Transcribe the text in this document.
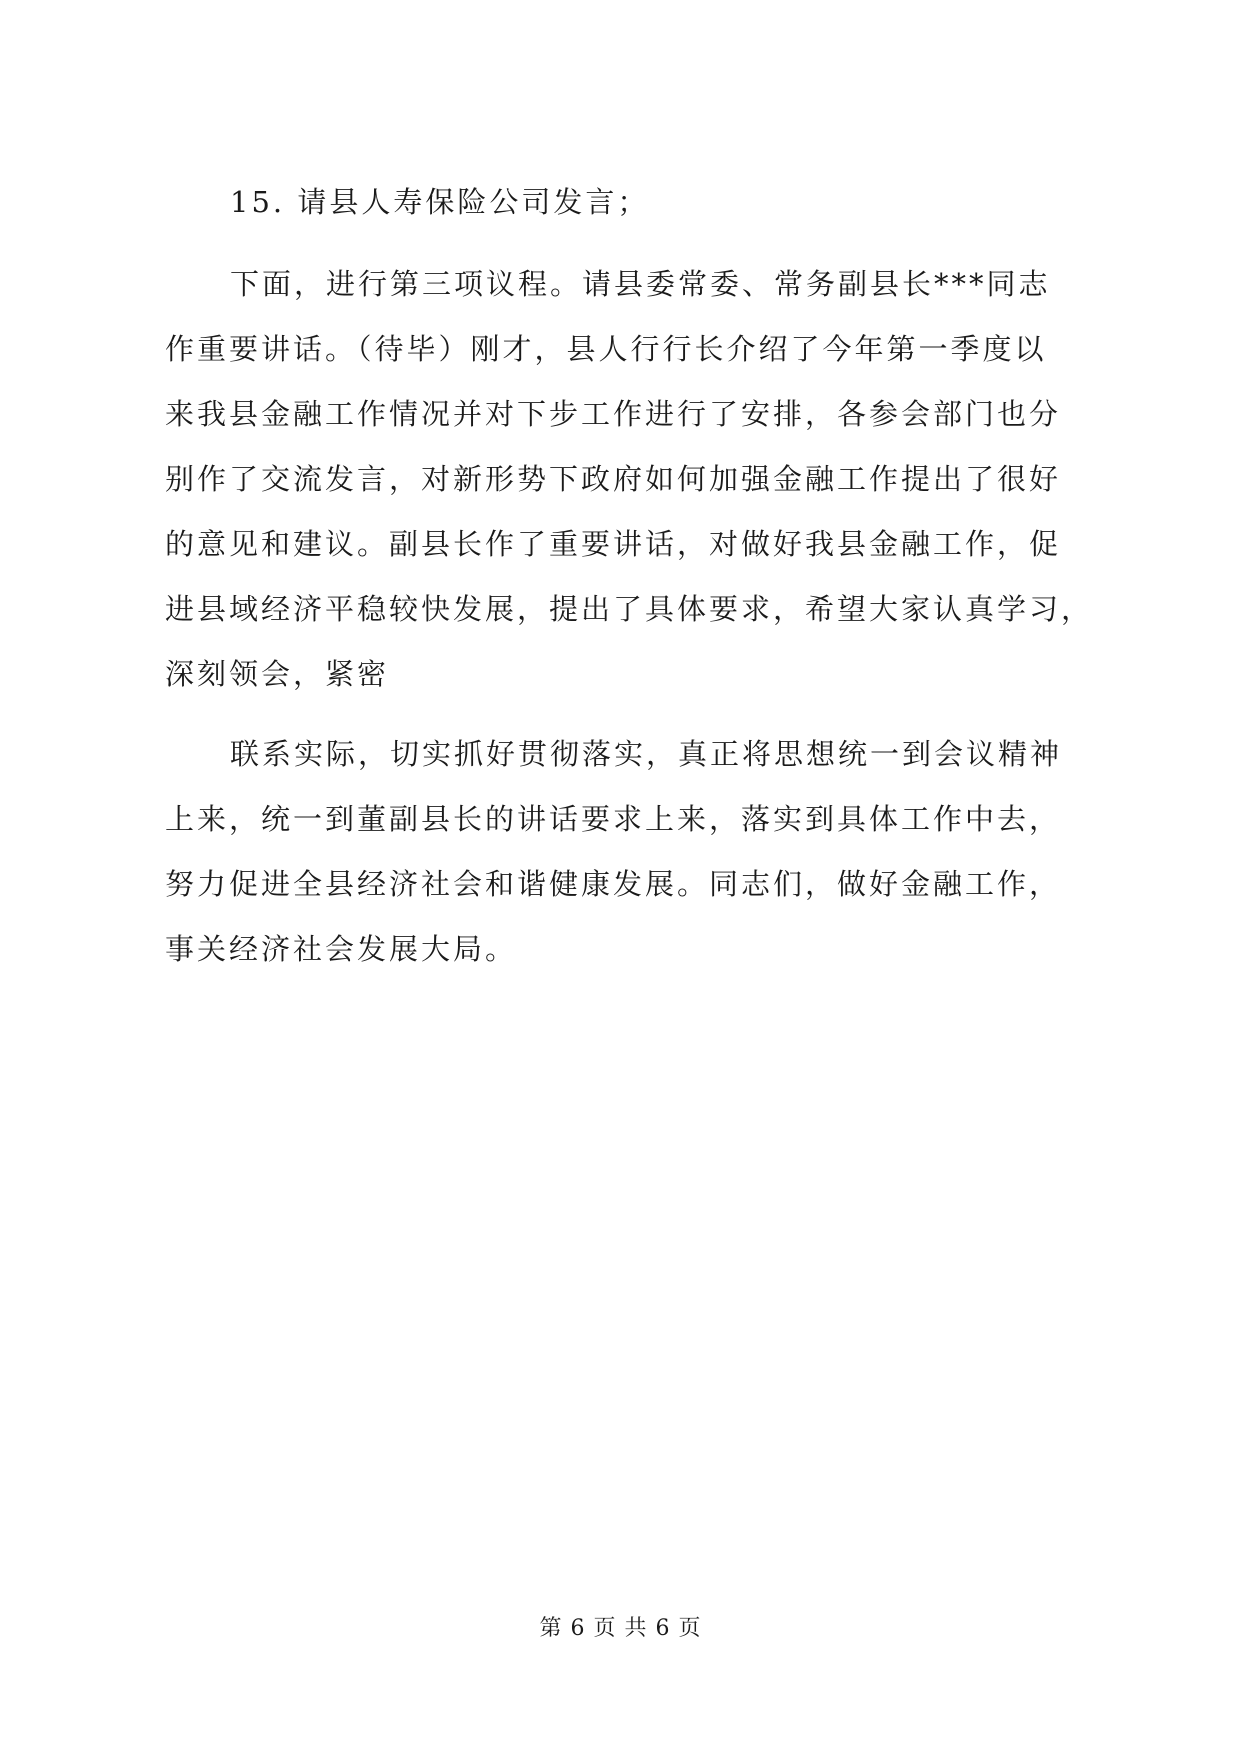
15. 请县人寿保险公司发言；
下面，进行第三项议程。请县委常委、常务副县长***同志
作重要讲话。（待毕）刚才，县人行行长介绍了今年第一季度以
来我县金融工作情况并对下步工作进行了安排，各参会部门也分
别作了交流发言，对新形势下政府如何加强金融工作提出了很好
的意见和建议。副县长作了重要讲话，对做好我县金融工作，促
进县域经济平稳较快发展，提出了具体要求，希望大家认真学习，
深刻领会，紧密
联系实际，切实抓好贯彻落实，真正将思想统一到会议精神
上来，统一到董副县长的讲话要求上来，落实到具体工作中去，
努力促进全县经济社会和谐健康发展。同志们，做好金融工作，
事关经济社会发展大局。
第 6 页 共 6 页
